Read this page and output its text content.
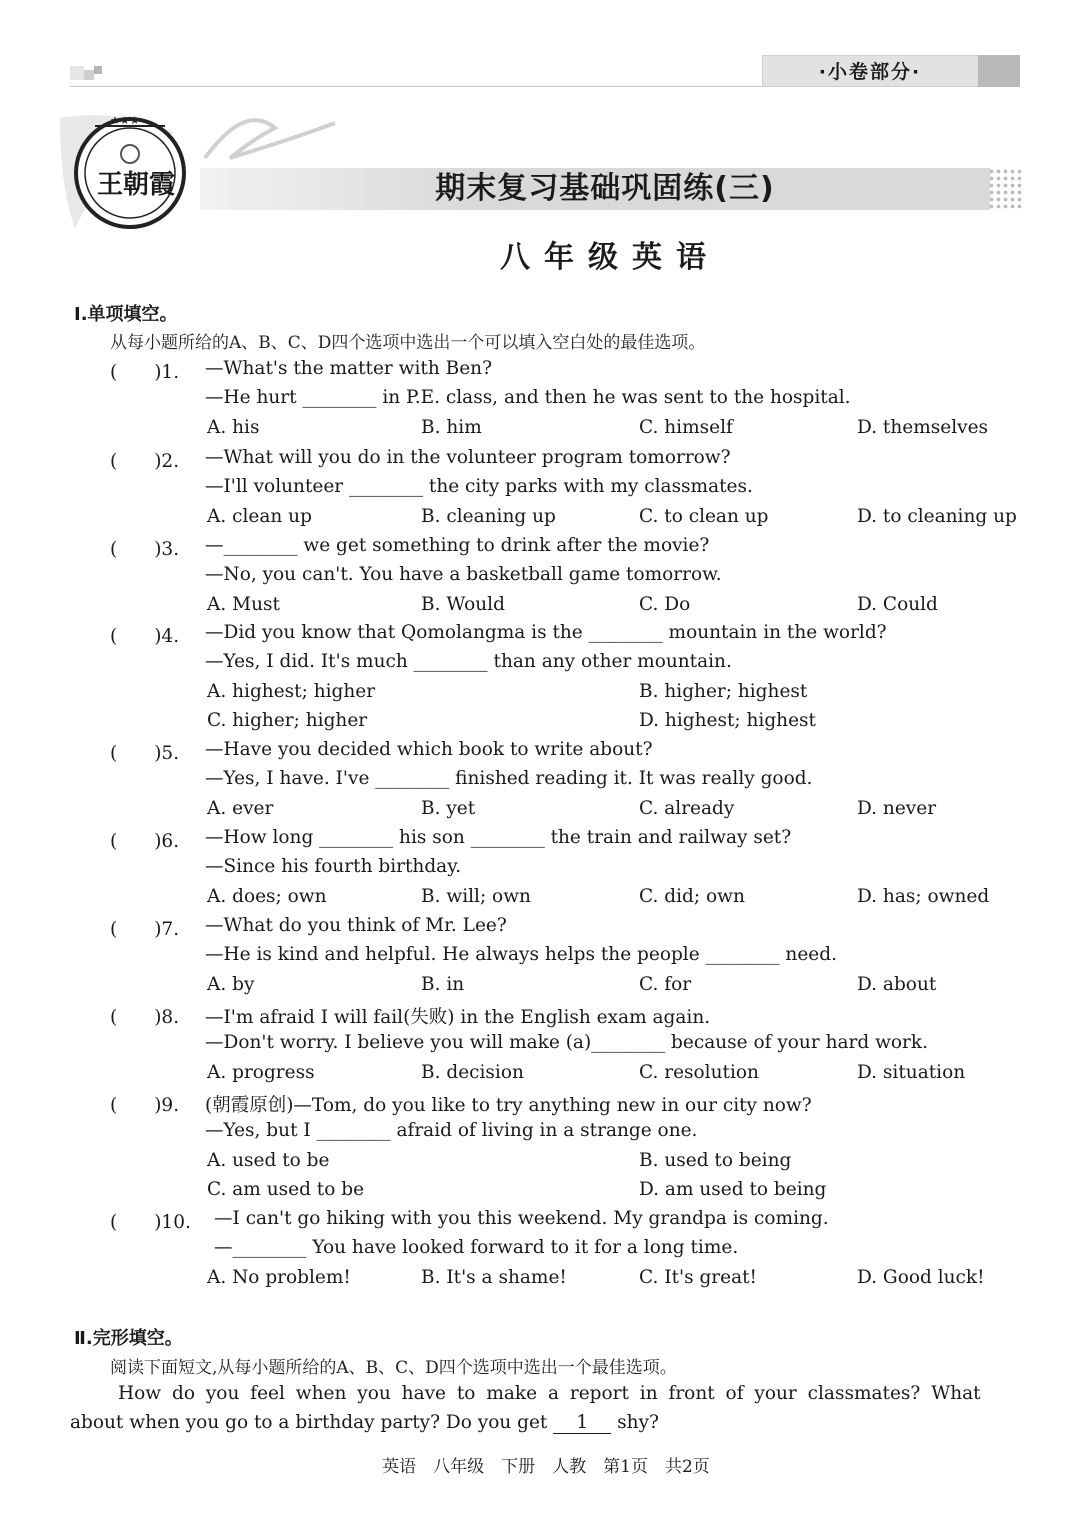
·小卷部分·
★★★
王朝霞	期末复习基础巩固练(三)
八年级英语
Ⅰ.单项填空。
从每小题所给的A、B、C、D四个选项中选出一个可以填入空白处的最佳选项。
(　　)1. —What's the matter with Ben?
—He hurt ________ in P.E. class, and then he was sent to the hospital.
A. his	B. him	C. himself	D. themselves
(　　)2. —What will you do in the volunteer program tomorrow?
—I'll volunteer ________ the city parks with my classmates.
A. clean up	B. cleaning up	C. to clean up	D. to cleaning up
(　　)3. —________ we get something to drink after the movie?
—No, you can't. You have a basketball game tomorrow.
A. Must	B. Would	C. Do	D. Could
(　　)4. —Did you know that Qomolangma is the ________ mountain in the world?
—Yes, I did. It's much ________ than any other mountain.
A. highest; higher	B. higher; highest
C. higher; higher	D. highest; highest
(　　)5. —Have you decided which book to write about?
—Yes, I have. I've ________ finished reading it. It was really good.
A. ever	B. yet	C. already	D. never
(　　)6. —How long ________ his son ________ the train and railway set?
—Since his fourth birthday.
A. does; own	B. will; own	C. did; own	D. has; owned
(　　)7. —What do you think of Mr. Lee?
—He is kind and helpful. He always helps the people ________ need.
A. by	B. in	C. for	D. about
(　　)8. —I'm afraid I will fail(失败) in the English exam again.
—Don't worry. I believe you will make (a)________ because of your hard work.
A. progress	B. decision	C. resolution	D. situation
(　　)9. (朝霞原创)—Tom, do you like to try anything new in our city now?
—Yes, but I ________ afraid of living in a strange one.
A. used to be	B. used to being
C. am used to be	D. am used to being
(　　)10. —I can't go hiking with you this weekend. My grandpa is coming.
—________ You have looked forward to it for a long time.
A. No problem!	B. It's a shame!	C. It's great!	D. Good luck!
Ⅱ.完形填空。
阅读下面短文,从每小题所给的A、B、C、D四个选项中选出一个最佳选项。
How do you feel when you have to make a report in front of your classmates? What
about when you go to a birthday party? Do you get 1 shy?
英语　八年级　下册　人教　第1页　共2页
